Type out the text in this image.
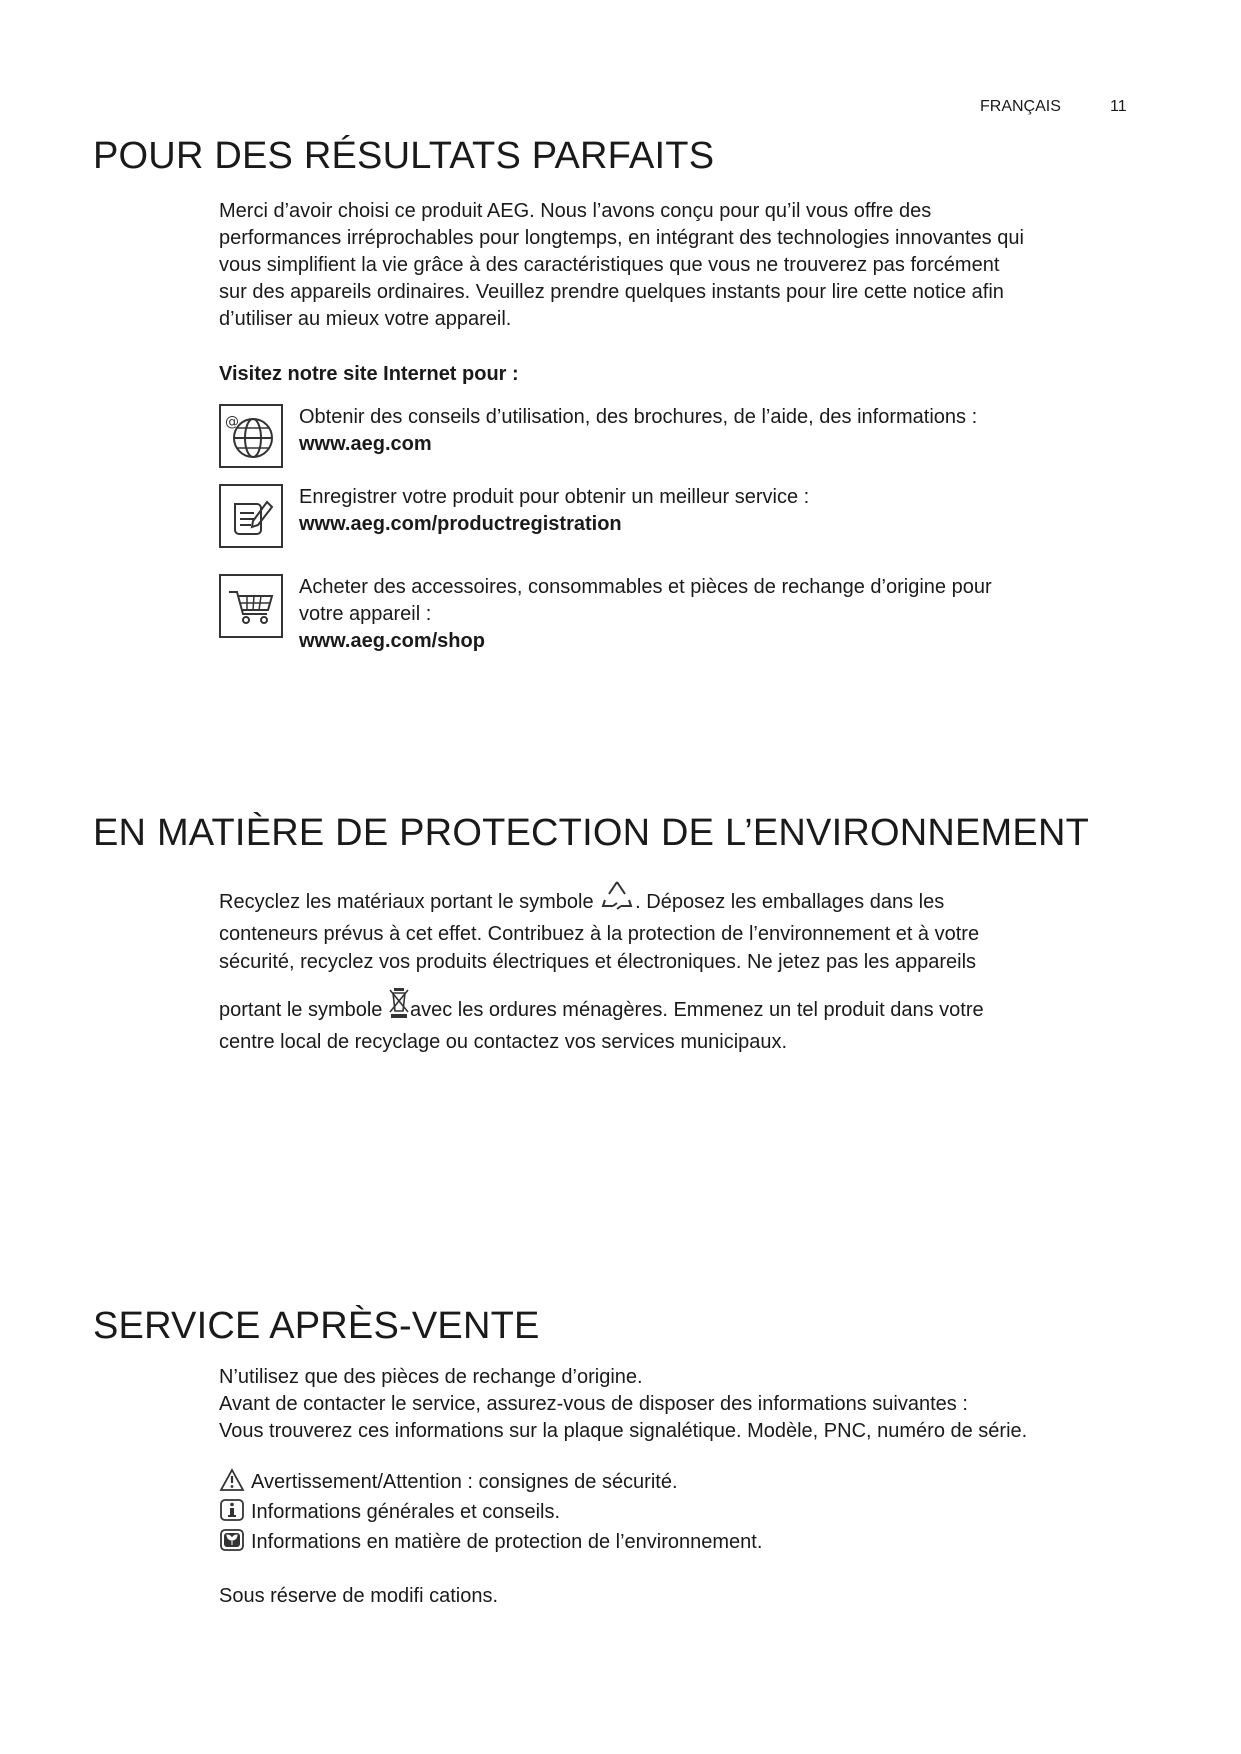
FRANÇAIS	11
POUR DES RÉSULTATS PARFAITS

Merci d’avoir choisi ce produit AEG. Nous l’avons conçu pour qu’il vous offre des

performances irréprochables pour longtemps, en intégrant des technologies innovantes qui

vous simplifient la vie grâce à des caractéristiques que vous ne trouverez pas forcément

sur des appareils ordinaires. Veuillez prendre quelques instants pour lire cette notice afin

d’utiliser au mieux votre appareil.

Visitez notre site Internet pour :
@	Obtenir des conseils d’utilisation, des brochures, de l’aide, des informations :
www.aeg.com
Enregistrer votre produit pour obtenir un meilleur service :
www.aeg.com/productregistration
Acheter des accessoires, consommables et pièces de rechange d’origine pour
votre appareil :
www.aeg.com/shop
EN MATIÈRE DE PROTECTION DE L’ENVIRONNEMENT

Recyclez les matériaux portant le symbole . Déposez les emballages dans les

conteneurs prévus à cet effet. Contribuez à la protection de l’environnement et à votre

sécurité, recyclez vos produits électriques et électroniques. Ne jetez pas les appareils

portant le symbole avec les ordures ménagères. Emmenez un tel produit dans votre

centre local de recyclage ou contactez vos services municipaux.

SERVICE APRÈS-VENTE

N’utilisez que des pièces de rechange d’origine.

Avant de contacter le service, assurez-vous de disposer des informations suivantes :

Vous trouverez ces informations sur la plaque signalétique. Modèle, PNC, numéro de série.

Avertissement/Attention : consignes de sécurité.
Informations générales et conseils.
Informations en matière de protection de l’environnement.
Sous réserve de modifi cations.
